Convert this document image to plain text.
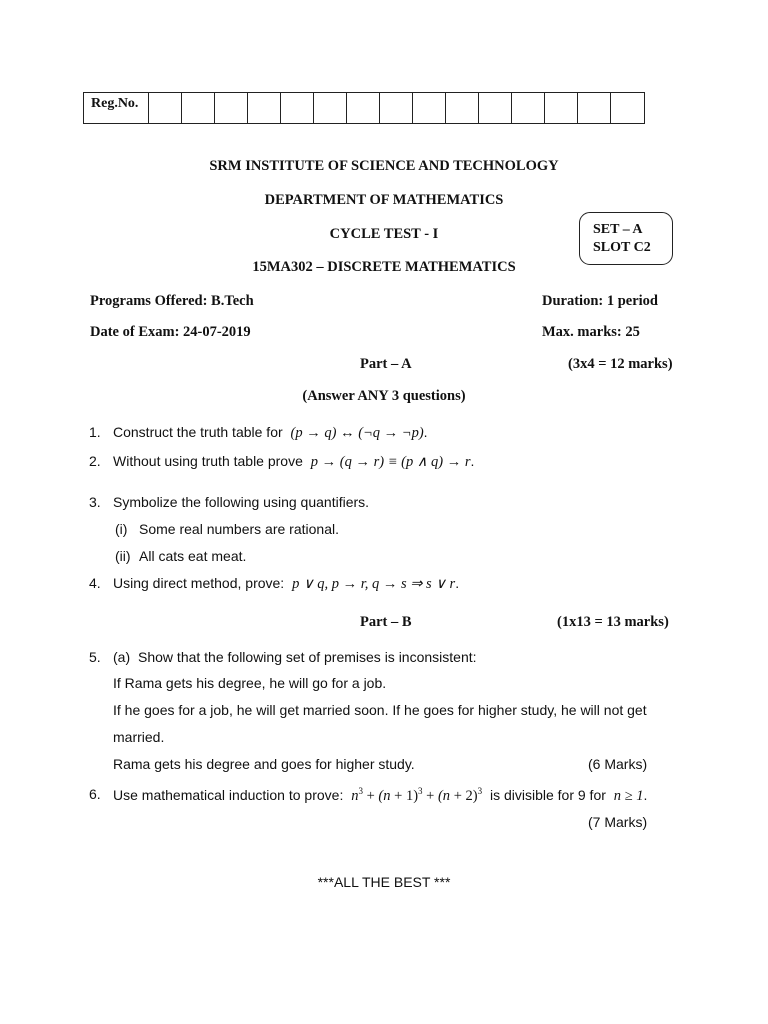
Reg.No.
SRM INSTITUTE OF SCIENCE AND TECHNOLOGY
DEPARTMENT OF MATHEMATICS
CYCLE TEST - I
15MA302 – DISCRETE MATHEMATICS
SET – A
SLOT C2
Programs Offered: B.Tech	Duration: 1 period
Date of Exam: 24-07-2019	Max. marks: 25
Part – A	(3x4 = 12 marks)
(Answer ANY 3 questions)
1. Construct the truth table for (p → q) ↔ (¬q → ¬p).
2. Without using truth table prove p → (q → r) ≡ (p ∧ q) → r.
3. Symbolize the following using quantifiers.
(i) Some real numbers are rational.
(ii) All cats eat meat.
4. Using direct method, prove: p ∨ q, p → r, q → s ⇒ s ∨ r.
Part – B	(1x13 = 13 marks)
5. (a) Show that the following set of premises is inconsistent:
If Rama gets his degree, he will go for a job.
If he goes for a job, he will get married soon. If he goes for higher study, he will not get
married.
Rama gets his degree and goes for higher study.	(6 Marks)
6. Use mathematical induction to prove: $n^3 + (n + 1)^3 + (n + 2)^3$ is divisible for 9 for n ≥ 1.
(7 Marks)
***ALL THE BEST ***
